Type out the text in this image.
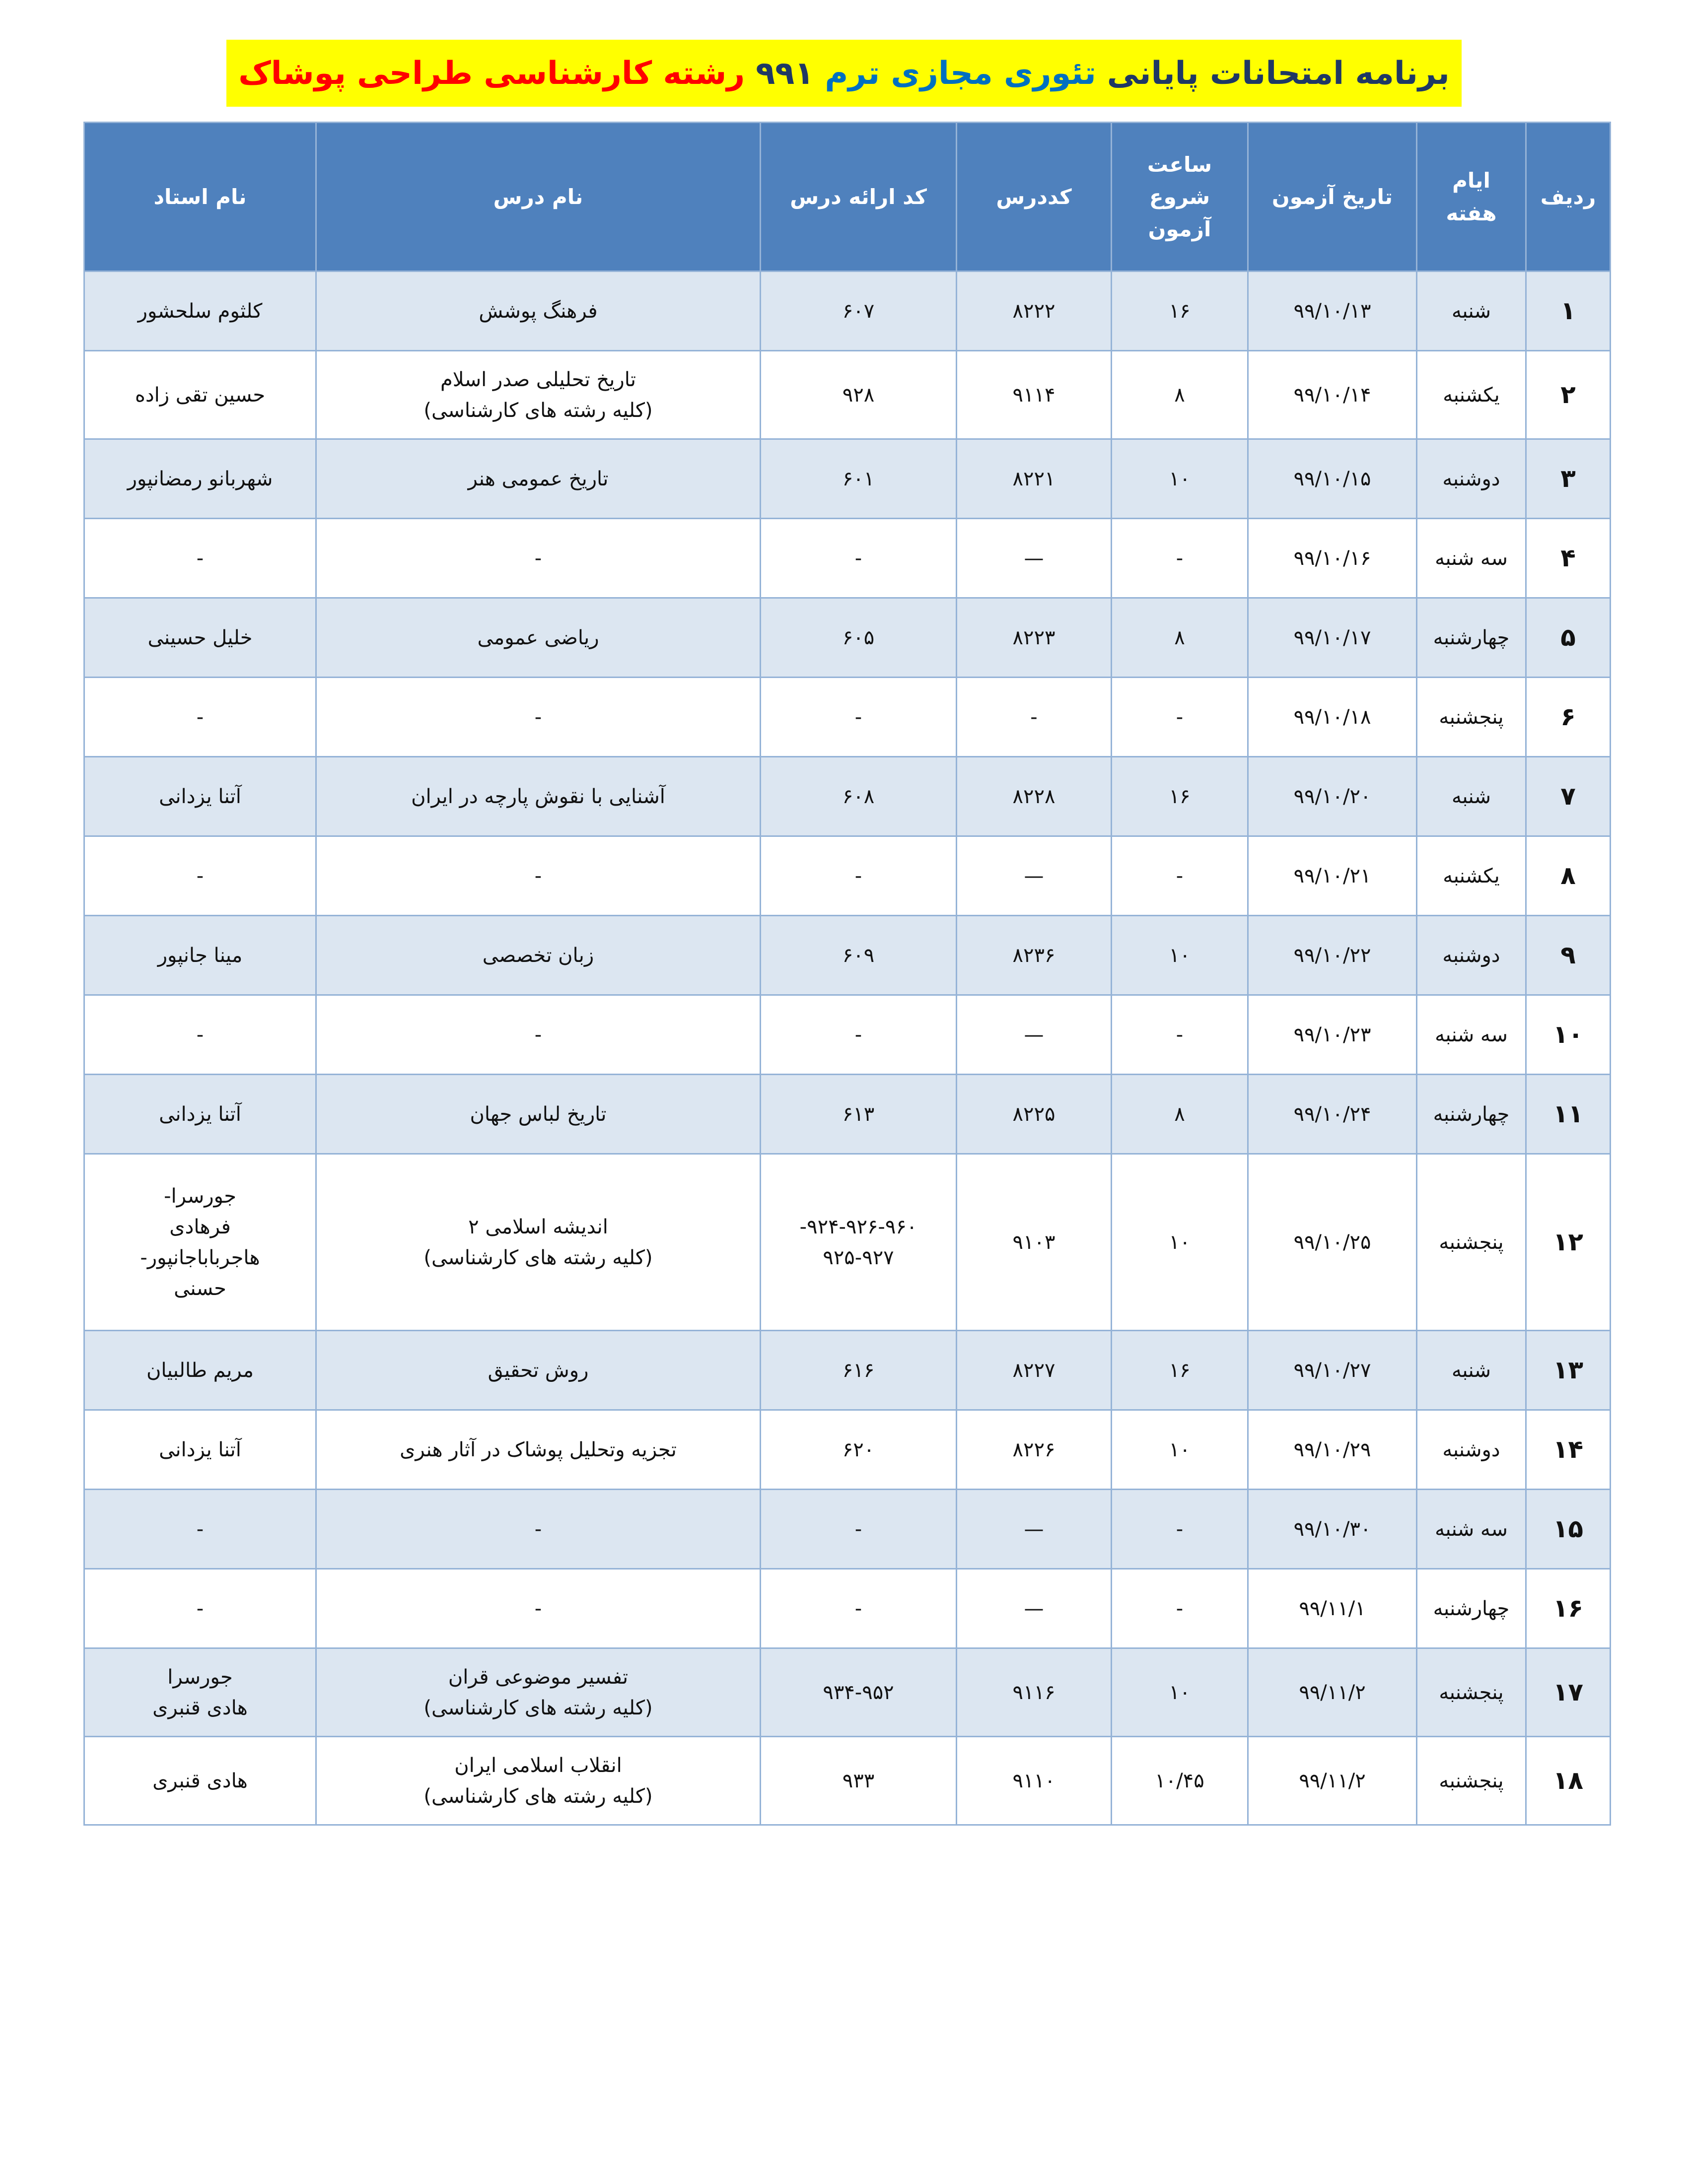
برنامه امتحانات پایانی
تئوری مجازی ترم
۹۹۱
رشته کارشناسی طراحی پوشاک
ردیف	ایام هفته	تاریخ آزمون	ساعت
شروع
آزمون	کددرس	کد ارائه درس	نام درس	نام استاد
۱	شنبه	۹۹/۱۰/۱۳	۱۶	۸۲۲۲	۶۰۷	فرهنگ پوشش	کلثوم سلحشور
۲	یکشنبه	۹۹/۱۰/۱۴	۸	۹۱۱۴	۹۲۸	تاریخ تحلیلی صدر اسلام
(کلیه رشته های کارشناسی)	حسین تقی زاده
۳	دوشنبه	۹۹/۱۰/۱۵	۱۰	۸۲۲۱	۶۰۱	تاریخ عمومی هنر	شهربانو رمضانپور
۴	سه شنبه	۹۹/۱۰/۱۶	-	—	-	-	-
۵	چهارشنبه	۹۹/۱۰/۱۷	۸	۸۲۲۳	۶۰۵	ریاضی عمومی	خلیل حسینی
۶	پنجشنبه	۹۹/۱۰/۱۸	-	-	-	-	-
۷	شنبه	۹۹/۱۰/۲۰	۱۶	۸۲۲۸	۶۰۸	آشنایی با نقوش پارچه در ایران	آتنا یزدانی
۸	یکشنبه	۹۹/۱۰/۲۱	-	—	-	-	-
۹	دوشنبه	۹۹/۱۰/۲۲	۱۰	۸۲۳۶	۶۰۹	زبان تخصصی	مینا جانپور
۱۰	سه شنبه	۹۹/۱۰/۲۳	-	—	-	-	-
۱۱	چهارشنبه	۹۹/۱۰/۲۴	۸	۸۲۲۵	۶۱۳	تاریخ لباس جهان	آتنا یزدانی
۱۲	پنجشنبه	۹۹/۱۰/۲۵	۱۰	۹۱۰۳	۹۲۴-۹۲۶-۹۶۰-
۹۲۵-۹۲۷	اندیشه اسلامی ۲
(کلیه رشته های کارشناسی)	جورسرا-
فرهادی
هاجربابا‌جانپور-
حسنی
۱۳	شنبه	۹۹/۱۰/۲۷	۱۶	۸۲۲۷	۶۱۶	روش تحقیق	مریم طالبیان
۱۴	دوشنبه	۹۹/۱۰/۲۹	۱۰	۸۲۲۶	۶۲۰	تجزیه وتحلیل پوشاک در آثار هنری	آتنا یزدانی
۱۵	سه شنبه	۹۹/۱۰/۳۰	-	—	-	-	-
۱۶	چهارشنبه	۹۹/۱۱/۱	-	—	-	-	-
۱۷	پنجشنبه	۹۹/۱۱/۲	۱۰	۹۱۱۶	۹۳۴-۹۵۲	تفسیر موضوعی قران
(کلیه رشته های کارشناسی)	جورسرا
هادی قنبری
۱۸	پنجشنبه	۹۹/۱۱/۲	۱۰/۴۵	۹۱۱۰	۹۳۳	انقلاب اسلامی ایران
(کلیه رشته های کارشناسی)	هادی قنبری
